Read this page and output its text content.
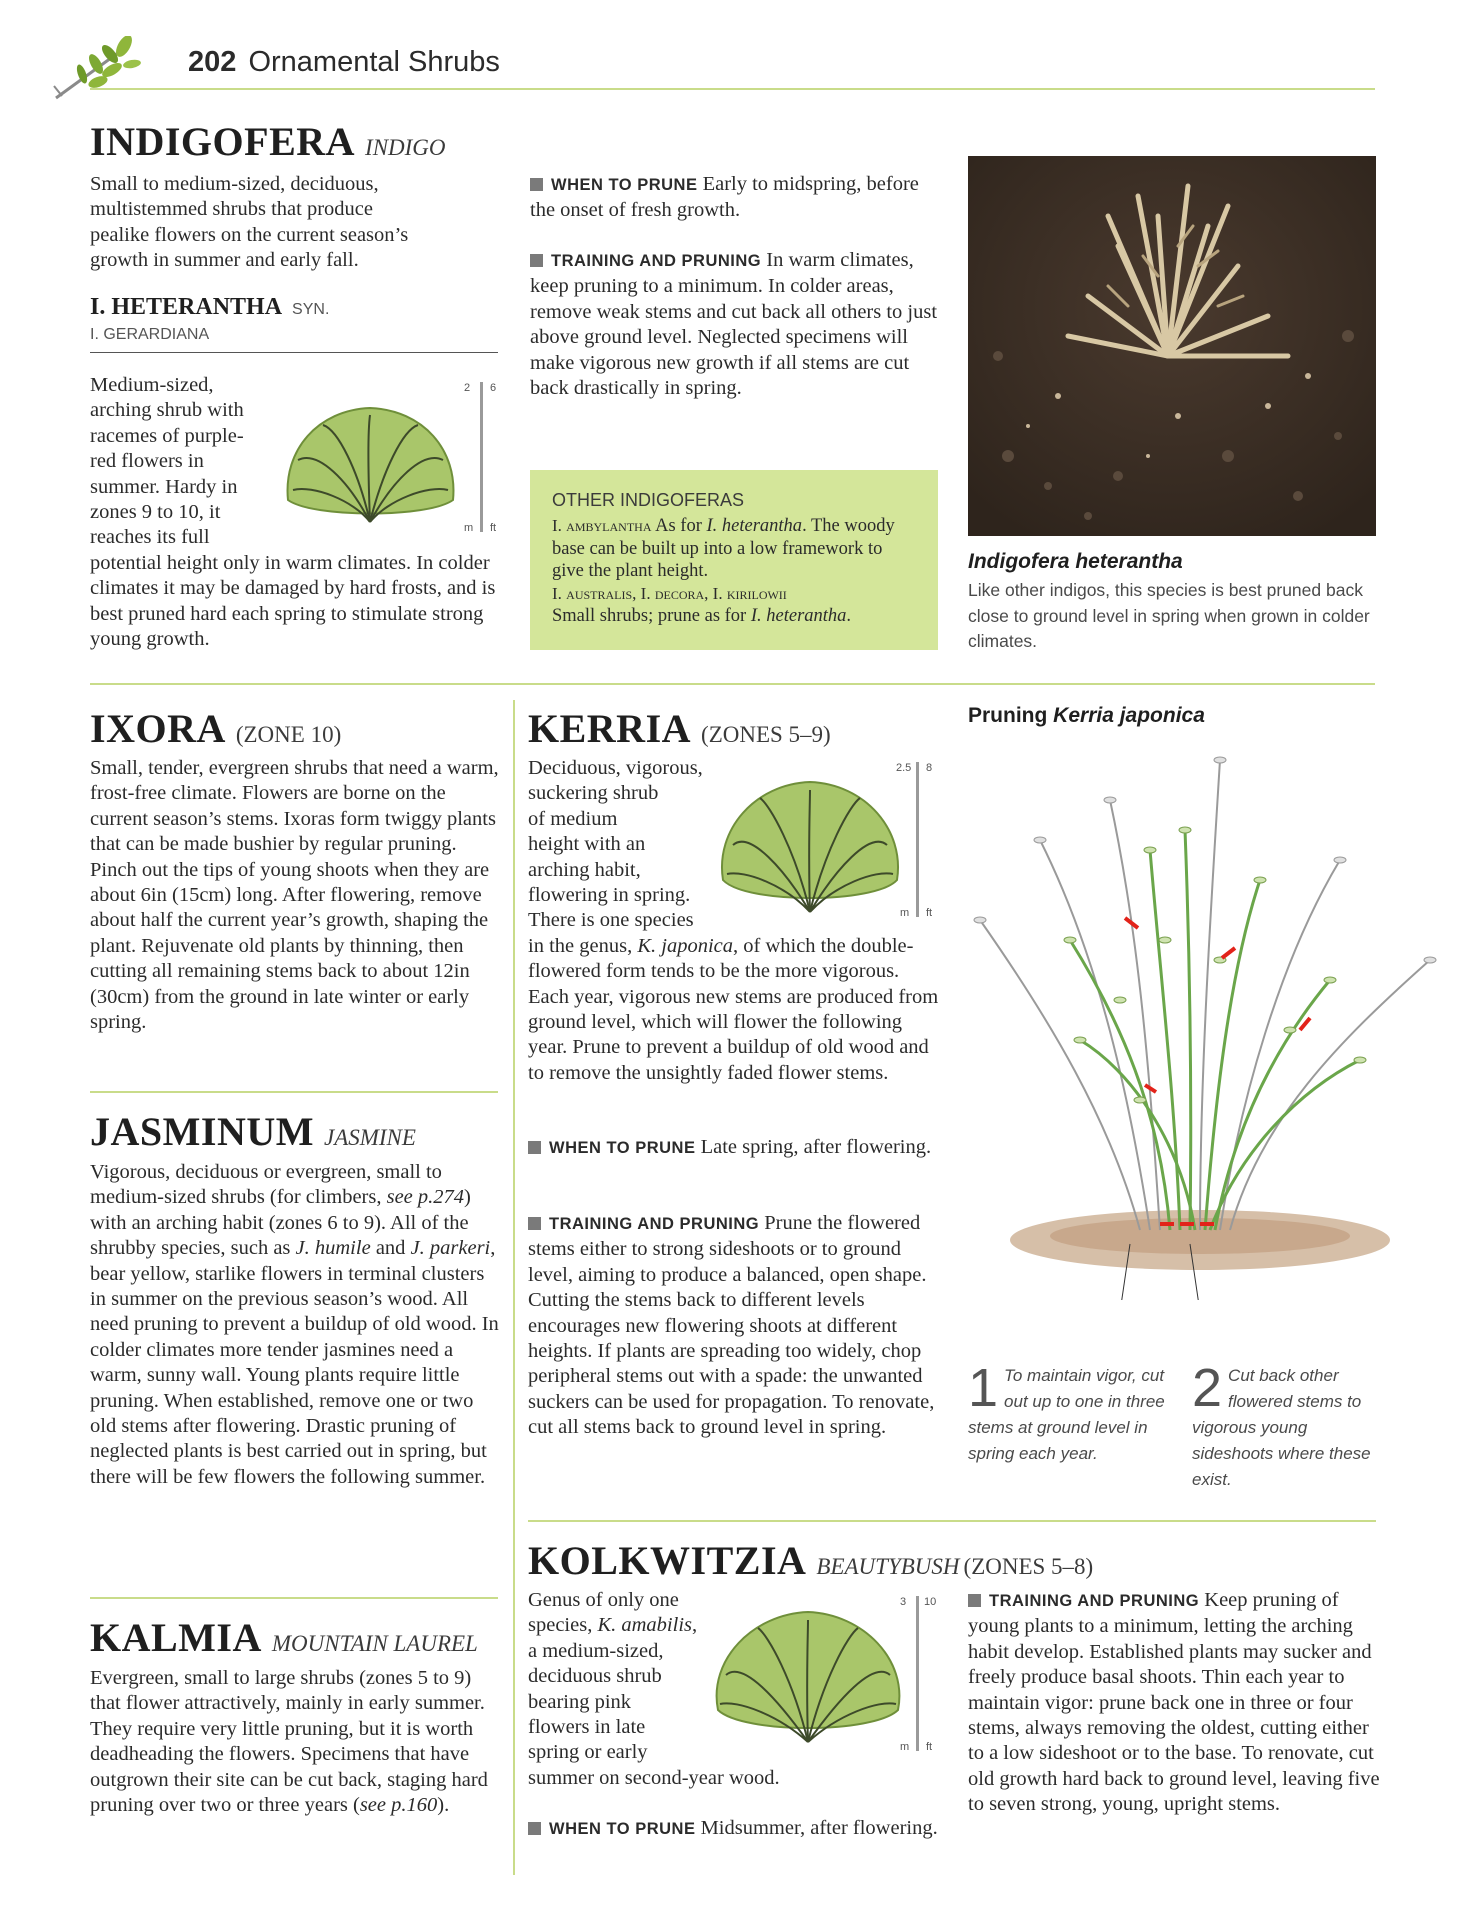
202 Ornamental Shrubs
INDIGOFERA INDIGO
Small to medium-sized, deciduous, multistemmed shrubs that produce pealike flowers on the current season’s growth in summer and early fall.
I. HETERANTHA SYN.
I. GERARDIANA
Medium-sized,
arching shrub with
racemes of purple-
red flowers in
summer. Hardy in
zones 9 to 10, it
reaches its full
potential height only in warm climates. In colder climates it may be damaged by hard frosts, and is best pruned hard each spring to stimulate strong young growth.
2 6
m ft
WHEN TO PRUNE Early to midspring, before the onset of fresh growth.
TRAINING AND PRUNING In warm climates, keep pruning to a minimum. In colder areas, remove weak stems and cut back all others to just above ground level. Neglected specimens will make vigorous new growth if all stems are cut back drastically in spring.
OTHER INDIGOFERAS
I. ambylantha As for I. heterantha. The woody base can be built up into a low framework to give the plant height.
I. australis, I. decora, I. kirilowii
Small shrubs; prune as for I. heterantha.
Indigofera heterantha
Like other indigos, this species is best pruned back close to ground level in spring when grown in colder climates.
IXORA (ZONE 10)
Small, tender, evergreen shrubs that need a warm, frost-free climate. Flowers are borne on the current season’s stems. Ixoras form twiggy plants that can be made bushier by regular pruning. Pinch out the tips of young shoots when they are about 6in (15cm) long. After flowering, remove about half the current year’s growth, shaping the plant. Rejuvenate old plants by thinning, then cutting all remaining stems back to about 12in (30cm) from the ground in late winter or early spring.
JASMINUM JASMINE
Vigorous, deciduous or evergreen, small to medium-sized shrubs (for climbers, see p.274) with an arching habit (zones 6 to 9). All of the shrubby species, such as J. humile and J. parkeri, bear yellow, starlike flowers in terminal clusters in summer on the previous season’s wood. All need pruning to prevent a buildup of old wood. In colder climates more tender jasmines need a warm, sunny wall. Young plants require little pruning. When established, remove one or two old stems after flowering. Drastic pruning of neglected plants is best carried out in spring, but there will be few flowers the following summer.
KALMIA MOUNTAIN LAUREL
Evergreen, small to large shrubs (zones 5 to 9) that flower attractively, mainly in early summer. They require very little pruning, but it is worth deadheading the flowers. Specimens that have outgrown their site can be cut back, staging hard pruning over two or three years (see p.160).
KERRIA (ZONES 5–9)
Deciduous, vigorous,
suckering shrub
of medium
height with an
arching habit,
flowering in spring.
There is one species
in the genus, K. japonica, of which the double-flowered form tends to be the more vigorous. Each year, vigorous new stems are produced from ground level, which will flower the following year. Prune to prevent a buildup of old wood and to remove the unsightly faded flower stems.
2.5 8
m ft
WHEN TO PRUNE Late spring, after flowering.
TRAINING AND PRUNING Prune the flowered stems either to strong sideshoots or to ground level, aiming to produce a balanced, open shape. Cutting the stems back to different levels encourages new flowering shoots at different heights. If plants are spreading too widely, chop peripheral stems out with a spade: the unwanted suckers can be used for propagation. To renovate, cut all stems back to ground level in spring.
Pruning Kerria japonica
1 To maintain vigor, cut out up to one in three stems at ground level in spring each year.
2 Cut back other flowered stems to vigorous young sideshoots where these exist.
KOLKWITZIA BEAUTYBUSH (ZONES 5–8)
Genus of only one
species, K. amabilis,
a medium-sized,
deciduous shrub
bearing pink
flowers in late
spring or early
summer on second-year wood.
3 10
m ft
WHEN TO PRUNE Midsummer, after flowering.
TRAINING AND PRUNING Keep pruning of young plants to a minimum, letting the arching habit develop. Established plants may sucker and freely produce basal shoots. Thin each year to maintain vigor: prune back one in three or four stems, always removing the oldest, cutting either to a low sideshoot or to the base. To renovate, cut old growth hard back to ground level, leaving five to seven strong, young, upright stems.
